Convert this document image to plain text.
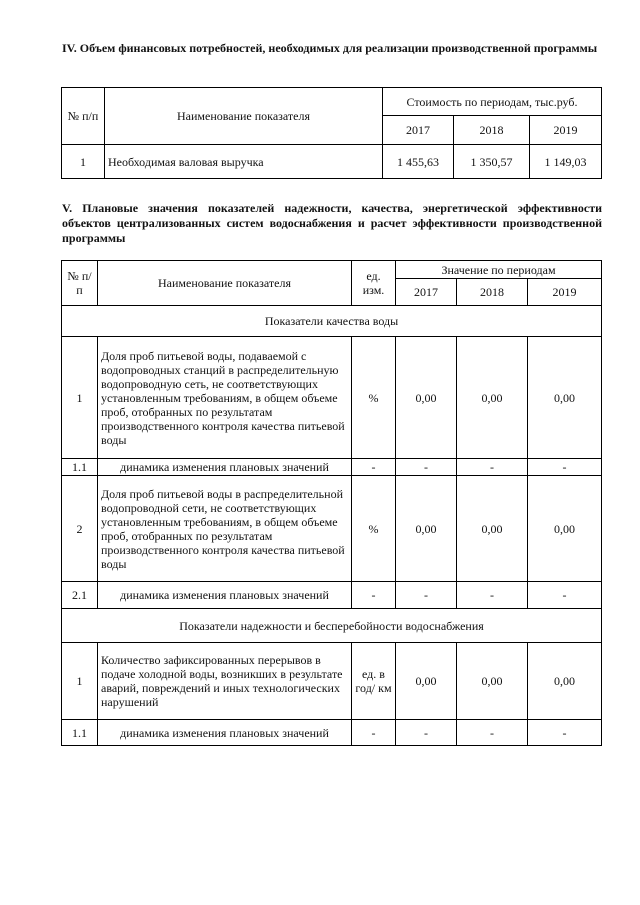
IV. Объем финансовых потребностей, необходимых для реализации производственной программы
№ п/п	Наименование показателя	Стоимость по периодам, тыс.руб.		
		2017	2018	2019
1	Необходимая валовая выручка	1 455,63	1 350,57	1 149,03
V. Плановые значения показателей надежности, качества, энергетической эффективности объектов централизованных систем водоснабжения и расчет эффективности производственной программы
№ п/п	Наименование показателя	ед. изм.	Значение по периодам		
			2017	2018	2019
Показатели качества воды					
1	Доля проб питьевой воды, подаваемой с водопроводных станций в распределительную водопроводную сеть, не соответствующих установленным требованиям, в общем объеме проб, отобранных по результатам производственного контроля качества питьевой воды	%	0,00	0,00	0,00
1.1	динамика изменения плановых значений	-	-	-	-
2	Доля проб питьевой воды в распределительной водопроводной сети, не соответствующих установленным требованиям, в общем объеме проб, отобранных по результатам производственного контроля качества питьевой воды	%	0,00	0,00	0,00
2.1	динамика изменения плановых значений	-	-	-	-
Показатели надежности и бесперебойности водоснабжения					
1	Количество зафиксированных перерывов в подаче холодной воды, возникших в результате аварий, повреждений и иных технологических нарушений	ед. в год/ км	0,00	0,00	0,00
1.1	динамика изменения плановых значений	-	-	-	-
